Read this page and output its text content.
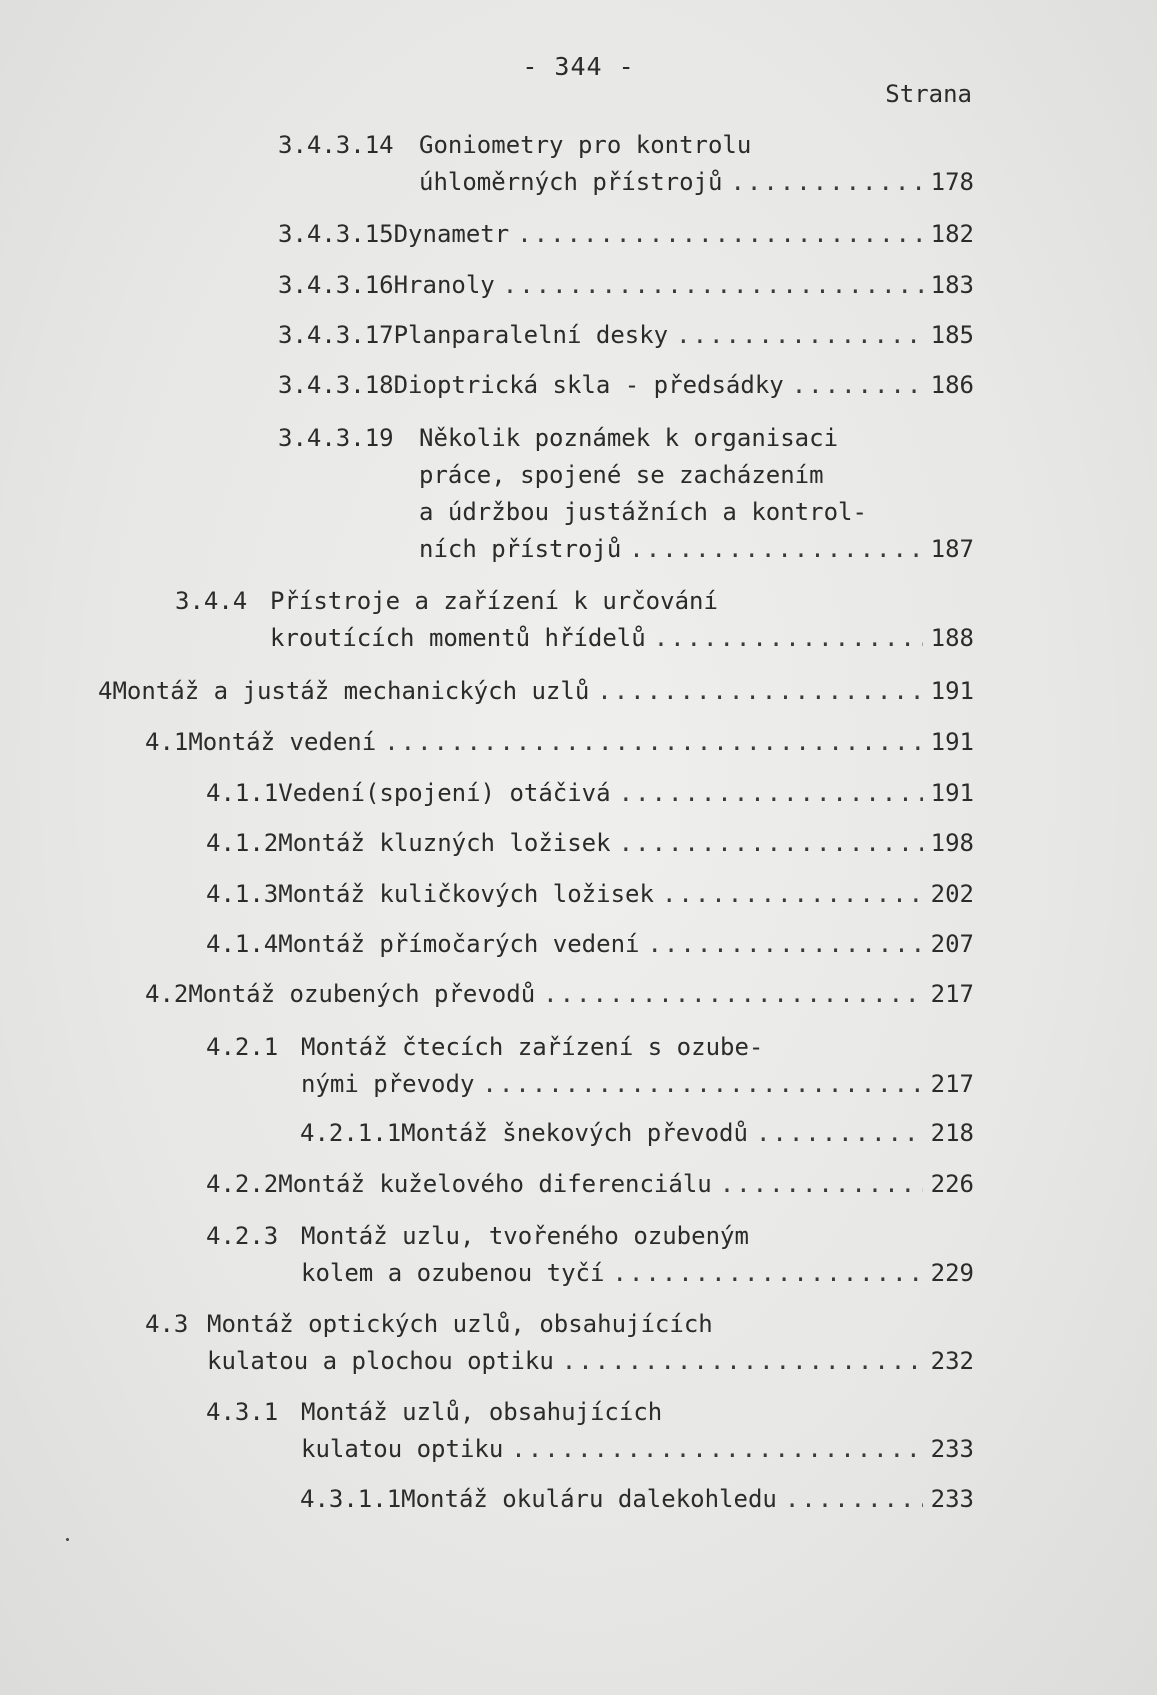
- 344 -
Strana
3.4.3.14	Goniometry pro kontrolu
úhloměrných přístrojů .....	178
3.4.3.15 Dynametr .....	182
3.4.3.16 Hranoly .....	183
3.4.3.17 Planparalelní desky .....	185
3.4.3.18 Dioptrická skla - předsádky .....	186
3.4.3.19	Několik poznámek k organisaci
práce, spojené se zacházením
a údržbou justážních a kontrol-
ních přístrojů .....	187
3.4.4 Přístroje a zařízení k určování
kroutících momentů hřídelů .....	188
4 Montáž a justáž mechanických uzlů .....	191
4.1 Montáž vedení .....	191
4.1.1 Vedení(spojení) otáčivá .....	191
4.1.2 Montáž kluzných ložisek .....	198
4.1.3 Montáž kuličkových ložisek .....	202
4.1.4 Montáž přímočarých vedení .....	207
4.2 Montáž ozubených převodů .....	217
4.2.1 Montáž čtecích zařízení s ozube-
nými převody .....	217
4.2.1.1 Montáž šnekových převodů .....	218
4.2.2 Montáž kuželového diferenciálu .....	226
4.2.3 Montáž uzlu, tvořeného ozubeným
kolem a ozubenou tyčí .....	229
4.3 Montáž optických uzlů, obsahujících
kulatou a plochou optiku .....	232
4.3.1 Montáž uzlů, obsahujících
kulatou optiku .....	233
4.3.1.1 Montáž okuláru dalekohledu .....	233
